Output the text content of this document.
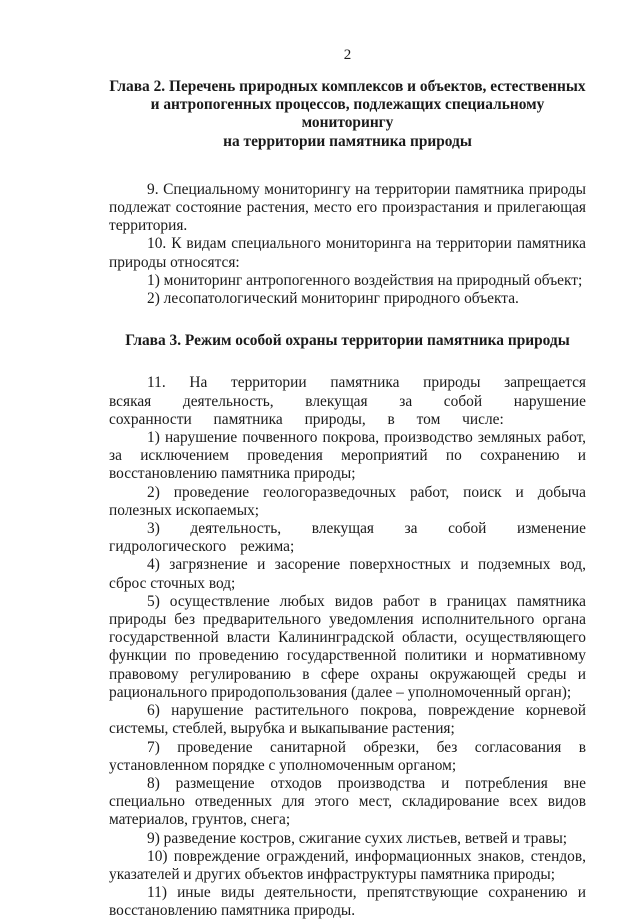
2
Глава 2. Перечень природных комплексов и объектов, естественных
и антропогенных процессов, подлежащих специальному мониторингу
на территории памятника природы

9. Специальному мониторингу на территории памятника природы подлежат состояние растения, место его произрастания и прилегающая территория.

10. К видам специального мониторинга на территории памятника природы относятся:

1) мониторинг антропогенного воздействия на природный объект;

2) лесопатологический мониторинг природного объекта.

Глава 3. Режим особой охраны территории памятника природы

11. На территории памятника природы запрещается всякая деятельность, влекущая за собой нарушение сохранности памятника природы, в том числе:

1) нарушение почвенного покрова, производство земляных работ, за исключением проведения мероприятий по сохранению и восстановлению памятника природы;

2) проведение геологоразведочных работ, поиск и добыча полезных ископаемых;

3) деятельность, влекущая за собой изменение гидрологического режима;

4) загрязнение и засорение поверхностных и подземных вод, сброс сточных вод;

5) осуществление любых видов работ в границах памятника природы без предварительного уведомления исполнительного органа государственной власти Калининградской области, осуществляющего функции по проведению государственной политики и нормативному правовому регулированию в сфере охраны окружающей среды и рационального природопользования (далее – уполномоченный орган);

6) нарушение растительного покрова, повреждение корневой системы, стеблей, вырубка и выкапывание растения;

7) проведение санитарной обрезки, без согласования в установленном порядке с уполномоченным органом;

8) размещение отходов производства и потребления вне специально отведенных для этого мест, складирование всех видов материалов, грунтов, снега;

9) разведение костров, сжигание сухих листьев, ветвей и травы;

10) повреждение ограждений, информационных знаков, стендов, указателей и других объектов инфраструктуры памятника природы;

11) иные виды деятельности, препятствующие сохранению и восстановлению памятника природы.
